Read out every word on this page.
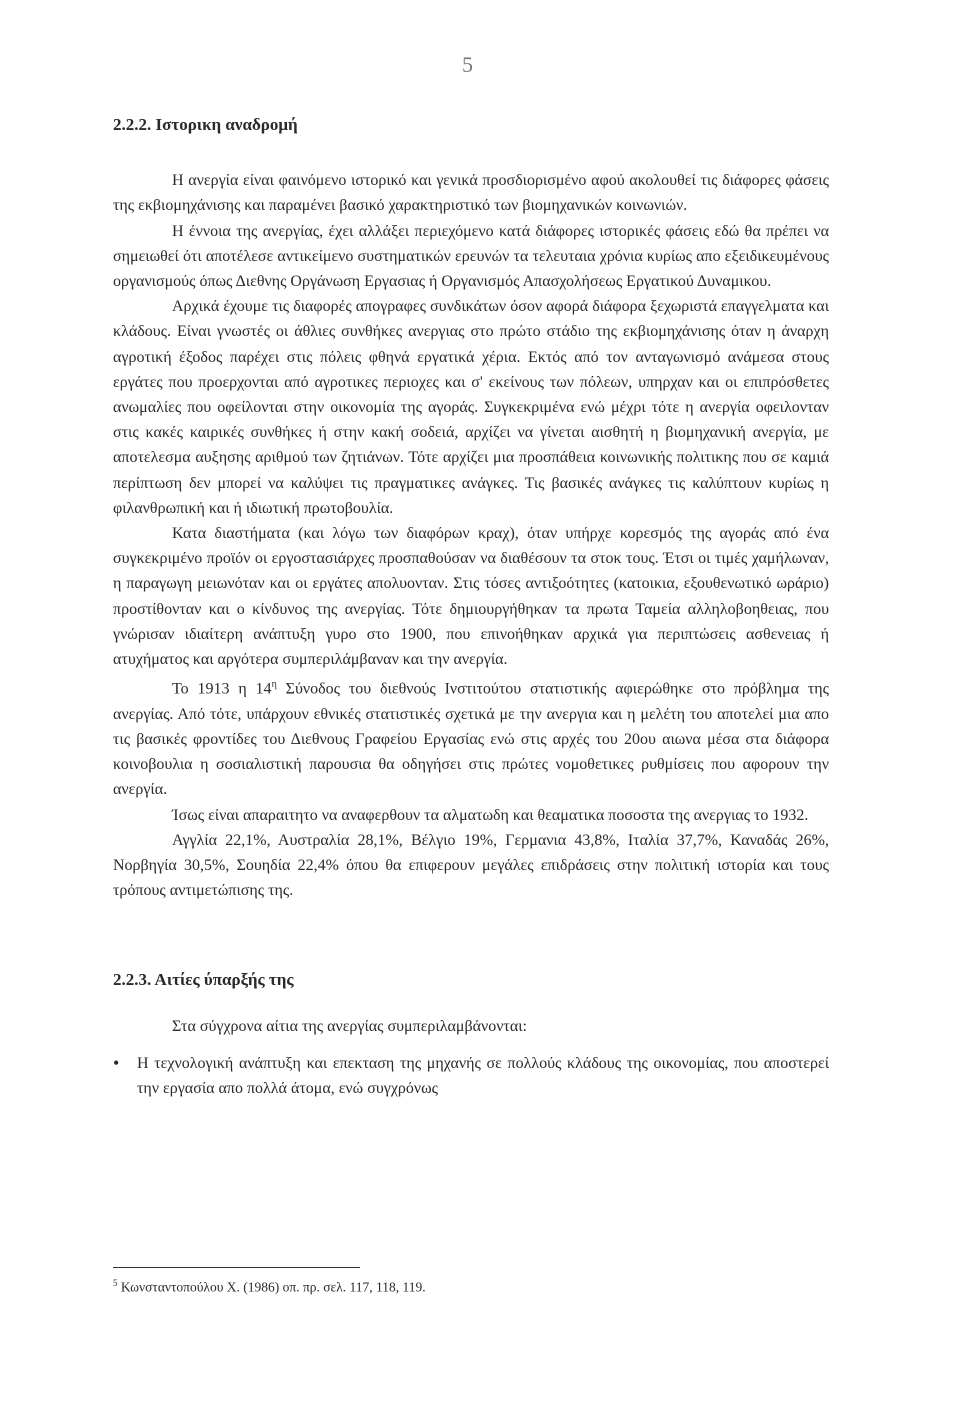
5
2.2.2. Ιστορικη αναδρομή

Η ανεργία είναι φαινόμενο ιστορικό και γενικά προσδιορισμένο αφού ακολουθεί τις διάφορες φάσεις της εκβιομηχάνισης και παραμένει βασικό χαρακτηριστικό των βιομηχανικών κοινωνιών.

Η έννοια της ανεργίας, έχει αλλάξει περιεχόμενο κατά διάφορες ιστορικές φάσεις εδώ θα πρέπει να σημειωθεί ότι αποτέλεσε αντικείμενο συστηματικών ερευνών τα τελευταια χρόνια κυρίως απο εξειδικευμένους οργανισμούς όπως Διεθνης Οργάνωση Εργασιας ή Οργανισμός Απασχολήσεως Εργατικού Δυναμικου.

Αρχικά έχουμε τις διαφορές απογραφες συνδικάτων όσον αφορά διάφορα ξεχωριστά επαγγελματα και κλάδους. Είναι γνωστές οι άθλιες συνθήκες ανεργιας στο πρώτο στάδιο της εκβιομηχάνισης όταν η άναρχη αγροτική έξοδος παρέχει στις πόλεις φθηνά εργατικά χέρια. Εκτός από τον ανταγωνισμό ανάμεσα στους εργάτες που προερχονται από αγροτικες περιοχες και σ' εκείνους των πόλεων, υπηρχαν και οι επιπρόσθετες ανωμαλίες που οφείλονται στην οικονομία της αγοράς. Συγκεκριμένα ενώ μέχρι τότε η ανεργία οφειλονταν στις κακές καιρικές συνθήκες ή στην κακή σοδειά, αρχίζει να γίνεται αισθητή η βιομηχανική ανεργία, με αποτελεσμα αυξησης αριθμού των ζητιάνων. Τότε αρχίζει μια προσπάθεια κοινωνικής πολιτικης που σε καμιά περίπτωση δεν μπορεί να καλύψει τις πραγματικες ανάγκες. Τις βασικές ανάγκες τις καλύπτουν κυρίως η φιλανθρωπική και ή ιδιωτική πρωτοβουλία.

Κατα διαστήματα (και λόγω των διαφόρων κραχ), όταν υπήρχε κορεσμός της αγοράς από ένα συγκεκριμένο προϊόν οι εργοστασιάρχες προσπαθούσαν να διαθέσουν τα στοκ τους. Έτσι οι τιμές χαμήλωναν, η παραγωγη μειωνόταν και οι εργάτες απολυονταν. Στις τόσες αντιξοότητες (κατοικια, εξουθενωτικό ωράριο) προστίθονταν και ο κίνδυνος της ανεργίας. Τότε δημιουργήθηκαν τα πρωτα Ταμεία αλληλοβοηθειας, που γνώρισαν ιδιαίτερη ανάπτυξη γυρο στο 1900, που επινοήθηκαν αρχικά για περιπτώσεις ασθενειας ή ατυχήματος και αργότερα συμπεριλάμβαναν και την ανεργία.

Το 1913 η $14^\eta$ Σύνοδος του διεθνούς Ινστιτούτου στατιστικής αφιερώθηκε στο πρόβλημα της ανεργίας. Από τότε, υπάρχουν εθνικές στατιστικές σχετικά με την ανεργια και η μελέτη του αποτελεί μια απο τις βασικές φροντίδες του Διεθνους Γραφείου Εργασίας ενώ στις αρχές του 20ου αιωνα μέσα στα διάφορα κοινοβουλια η σοσιαλιστική παρουσια θα οδηγήσει στις πρώτες νομοθετικες ρυθμίσεις που αφορουν την ανεργία.

Ίσως είναι απαραιτητο να αναφερθουν τα αλματωδη και θεαματικα ποσοστα της ανεργιας το 1932.

Αγγλία 22,1%, Αυστραλία 28,1%, Βέλγιο 19%, Γερμανια 43,8%, Ιταλία 37,7%, Καναδάς 26%, Νορβηγία 30,5%, Σουηδία 22,4% όπου θα επιφερουν μεγάλες επιδράσεις στην πολιτική ιστορία και τους τρόπους αντιμετώπισης της.

2.2.3. Αιτίες ύπαρξής της

Στα σύγχρονα αίτια της ανεργίας συμπεριλαμβάνονται:

• Η τεχνολογική ανάπτυξη και επεκταση της μηχανής σε πολλούς κλάδους της οικονομίας, που αποστερεί την εργασία απο πολλά άτομα, ενώ συγχρόνως
$^5$ Κωνσταντοπούλου Χ. (1986) οπ. πρ. σελ. 117, 118, 119.
